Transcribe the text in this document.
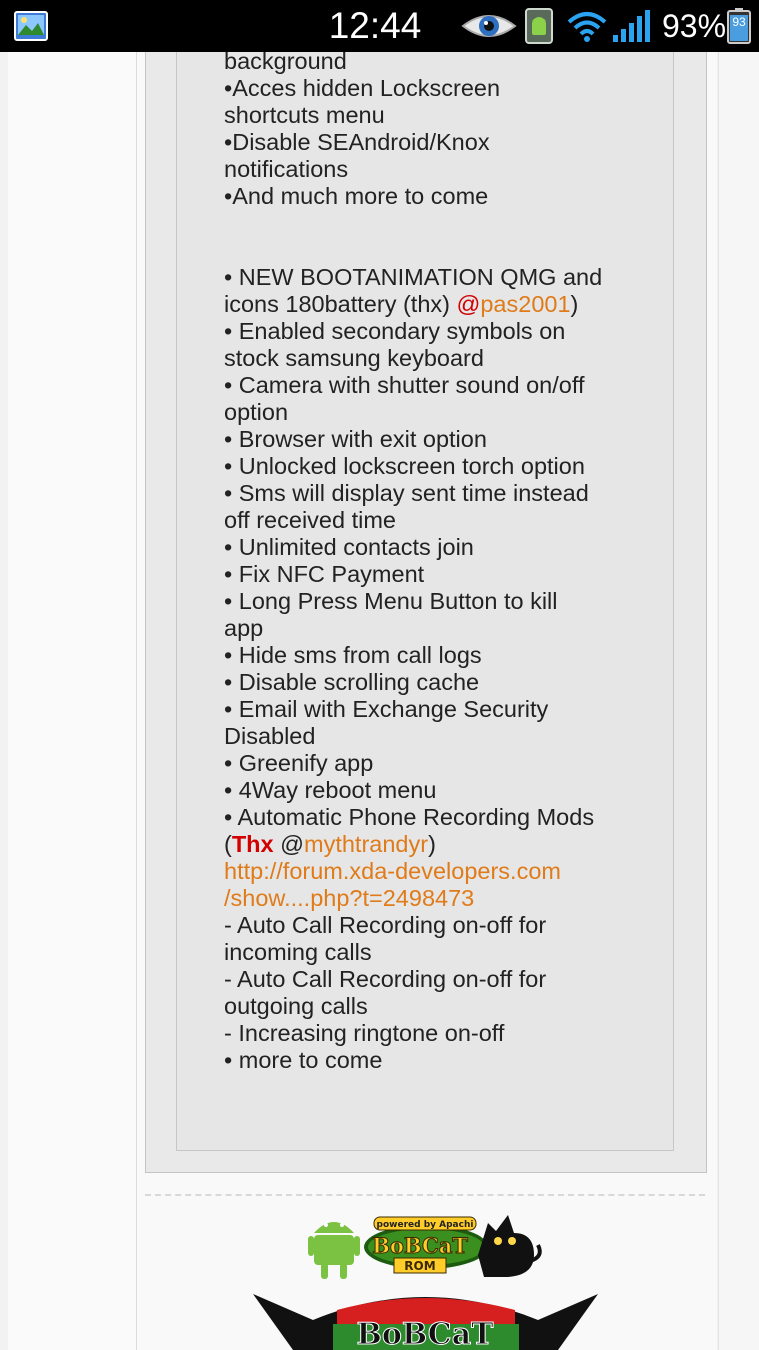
12:44	93% 93
background
•Acces hidden Lockscreen
shortcuts menu
•Disable SEAndroid/Knox
notifications
•And much more to come
• NEW BOOTANIMATION QMG and
icons 180battery (thx) @pas2001)
• Enabled secondary symbols on
stock samsung keyboard
• Camera with shutter sound on/off
option
• Browser with exit option
• Unlocked lockscreen torch option
• Sms will display sent time instead
off received time
• Unlimited contacts join
• Fix NFC Payment
• Long Press Menu Button to kill
app
• Hide sms from call logs
• Disable scrolling cache
• Email with Exchange Security
Disabled
• Greenify app
• 4Way reboot menu
• Automatic Phone Recording Mods
(Thx @mythtrandyr)
http://forum.xda-developers.com
/show....php?t=2498473
- Auto Call Recording on-off for
incoming calls
- Auto Call Recording on-off for
outgoing calls
- Increasing ringtone on-off
• more to come
powered by Apachi
BoBCaT
ROM
BoBCaT
